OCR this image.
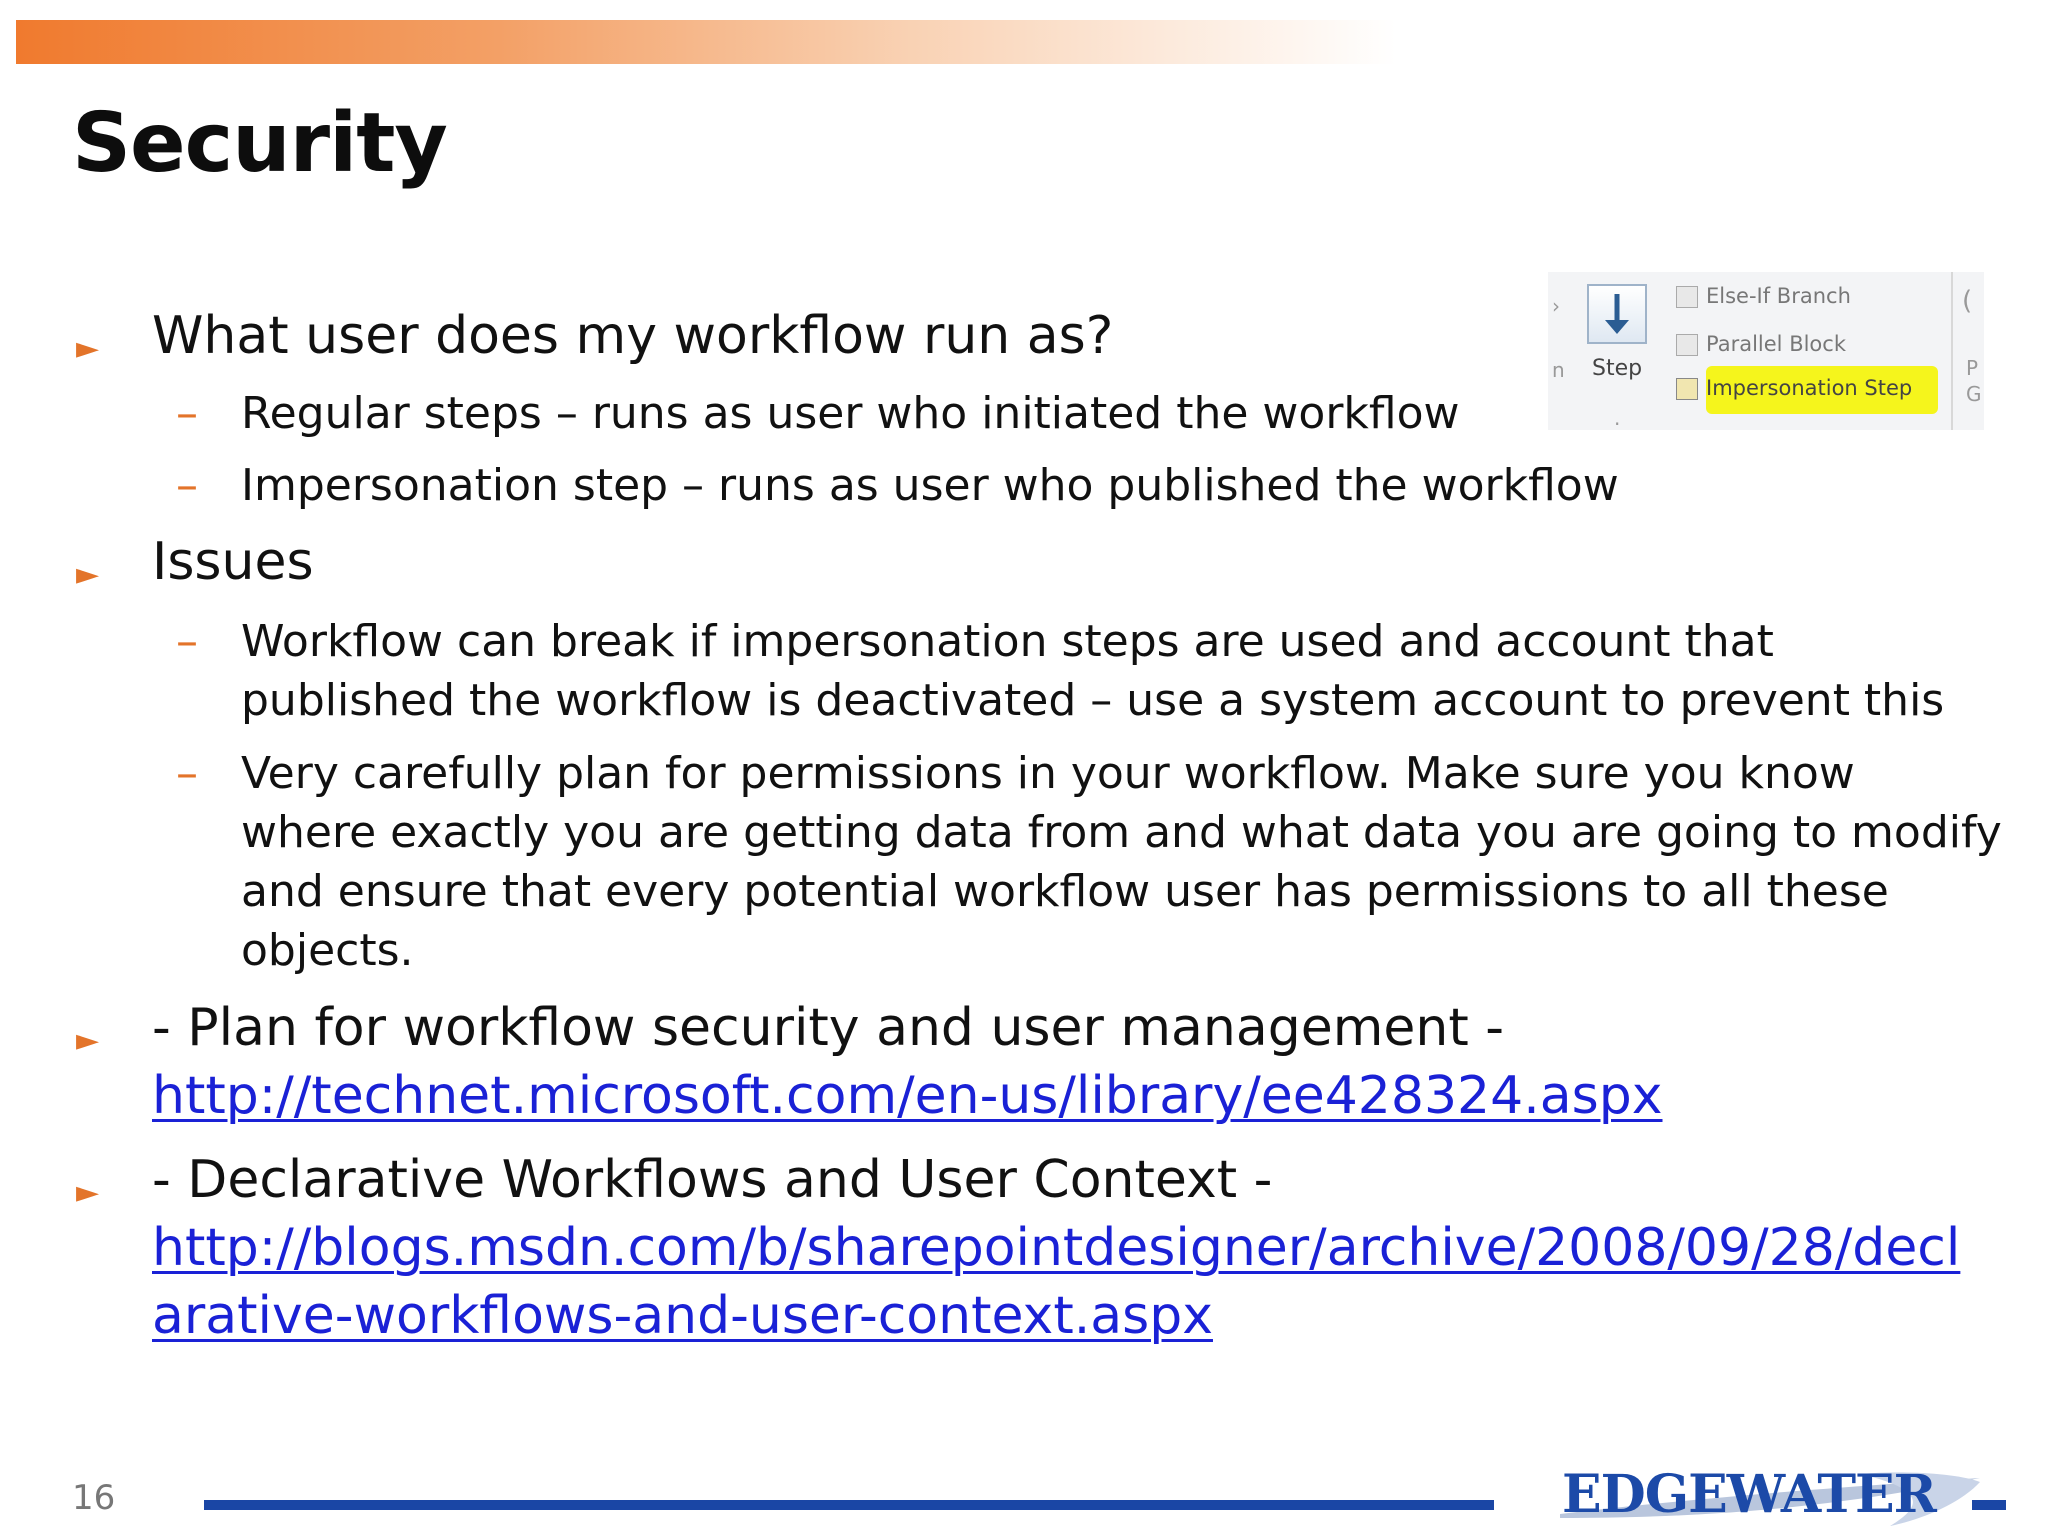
Security
›
n Step
·
Else-If Branch
Parallel Block
Impersonation Step
(
P
G
► What user does my workflow run as?
– Regular steps – runs as user who initiated the workflow
– Impersonation step – runs as user who published the workflow
► Issues
– Workflow can break if impersonation steps are used and account that
published the workflow is deactivated – use a system account to prevent this
– Very carefully plan for permissions in your workflow. Make sure you know
where exactly you are getting data from and what data you are going to modify
and ensure that every potential workflow user has permissions to all these
objects.
► - Plan for workflow security and user management -
http://technet.microsoft.com/en-us/library/ee428324.aspx
► - Declarative Workflows and User Context -
http://blogs.msdn.com/b/sharepointdesigner/archive/2008/09/28/decl
arative-workflows-and-user-context.aspx
16	EDGEWATER
